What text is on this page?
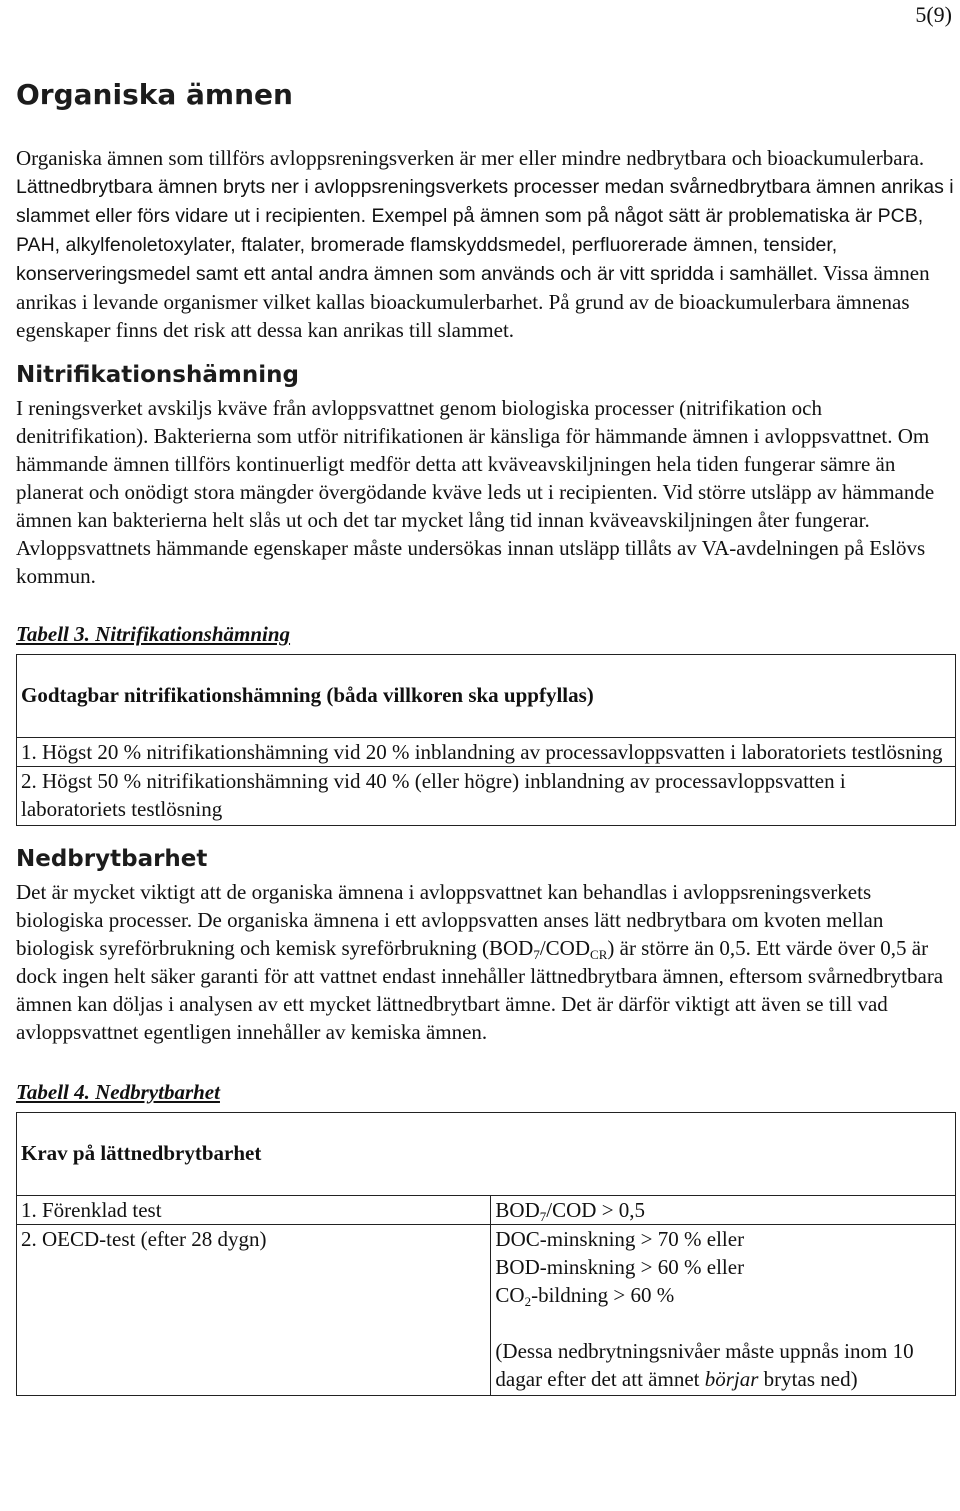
5(9)
Organiska ämnen

Organiska ämnen som tillförs avloppsreningsverken är mer eller mindre nedbrytbara och bioackumulerbara. Lättnedbrytbara ämnen bryts ner i avloppsreningsverkets processer medan svårnedbrytbara ämnen anrikas i slammet eller förs vidare ut i recipienten. Exempel på ämnen som på något sätt är problematiska är PCB, PAH, alkylfenoletoxylater, ftalater, bromerade flamskyddsmedel, perfluorerade ämnen, tensider, konserveringsmedel samt ett antal andra ämnen som används och är vitt spridda i samhället. Vissa ämnen anrikas i levande organismer vilket kallas bioackumulerbarhet. På grund av de bioackumulerbara ämnenas egenskaper finns det risk att dessa kan anrikas till slammet.

Nitrifikationshämning

I reningsverket avskiljs kväve från avloppsvattnet genom biologiska processer (nitrifikation och denitrifikation). Bakterierna som utför nitrifikationen är känsliga för hämmande ämnen i avloppsvattnet. Om hämmande ämnen tillförs kontinuerligt medför detta att kväveavskiljningen hela tiden fungerar sämre än planerat och onödigt stora mängder övergödande kväve leds ut i recipienten. Vid större utsläpp av hämmande ämnen kan bakterierna helt slås ut och det tar mycket lång tid innan kväveavskiljningen åter fungerar. Avloppsvattnets hämmande egenskaper måste undersökas innan utsläpp tillåts av VA-avdelningen på Eslövs kommun.

Tabell 3. Nitrifikationshämning
Godtagbar nitrifikationshämning (båda villkoren ska uppfyllas)
1. Högst 20 % nitrifikationshämning vid 20 % inblandning av processavloppsvatten i laboratoriets testlösning
2. Högst 50 % nitrifikationshämning vid 40 % (eller högre) inblandning av processavloppsvatten i laboratoriets testlösning
Nedbrytbarhet

Det är mycket viktigt att de organiska ämnena i avloppsvattnet kan behandlas i avloppsreningsverkets biologiska processer. De organiska ämnena i ett avloppsvatten anses lätt nedbrytbara om kvoten mellan biologisk syreförbrukning och kemisk syreförbrukning $(BOD_7/COD_{CR})$ är större än 0,5. Ett värde över 0,5 är dock ingen helt säker garanti för att vattnet endast innehåller lättnedbrytbara ämnen, eftersom svårnedbrytbara ämnen kan döljas i analysen av ett mycket lättnedbrytbart ämne. Det är därför viktigt att även se till vad avloppsvattnet egentligen innehåller av kemiska ämnen.

Tabell 4. Nedbrytbarhet
Krav på lättnedbrytbarhet	
1. Förenklad test	$BOD_7$/COD > 0,5
2. OECD-test (efter 28 dygn)	DOC-minskning > 70 % eller
BOD-minskning > 60 % eller
$CO_2$-bildning > 60 %
(Dessa nedbrytningsnivåer måste uppnås inom 10 dagar efter det att ämnet börjar brytas ned)
